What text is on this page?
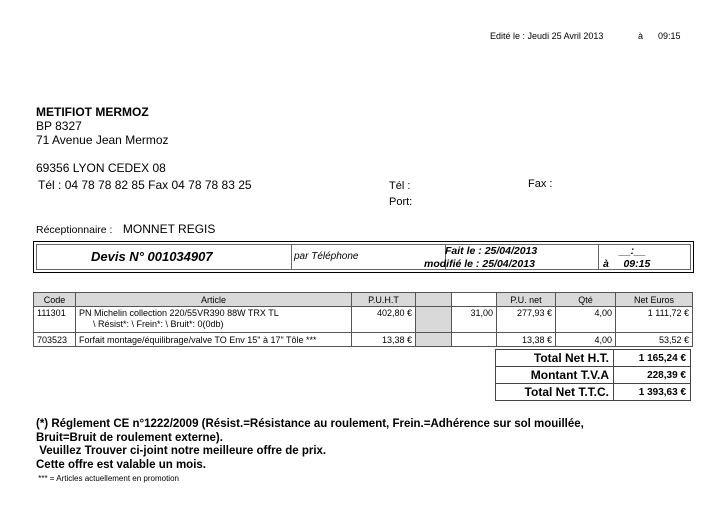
Edité le : Jeudi 25 Avril 2013	à 09:15
METIFIOT MERMOZ
BP 8327
71 Avenue Jean Mermoz
69356 LYON CEDEX 08
Tél : 04 78 78 82 85 Fax 04 78 78 83 25	Tél :
Port:
Fax :
Réceptionnaire : MONNET REGIS
Devis N° 001034907	par Téléphone	Fait le : 25/04/2013
modifié le : 25/04/2013
__:__
à 09:15
Code	Article	P.U.H.T			P.U. net	Qté	Net Euros
111301	PN Michelin collection 220/55VR390 88W TRX TL
\ Résist*: \ Frein*: \ Bruit*: 0(0db)	402,80 €		31,00	277,93 €	4,00	1 111,72 €
703523	Forfait montage/équilibrage/valve TO Env 15" à 17" Tôle ***	13,38 €			13,38 €	4,00	53,52 €
Total Net H.T.	1 165,24 €
Montant T.V.A	228,39 €
Total Net T.T.C.	1 393,63 €
(*) Réglement CE n°1222/2009 (Résist.=Résistance au roulement, Frein.=Adhérence sur sol mouillée,
Bruit=Bruit de roulement externe).
Veuillez Trouver ci-joint notre meilleure offre de prix.
Cette offre est valable un mois.
*** = Articles actuellement en promotion
